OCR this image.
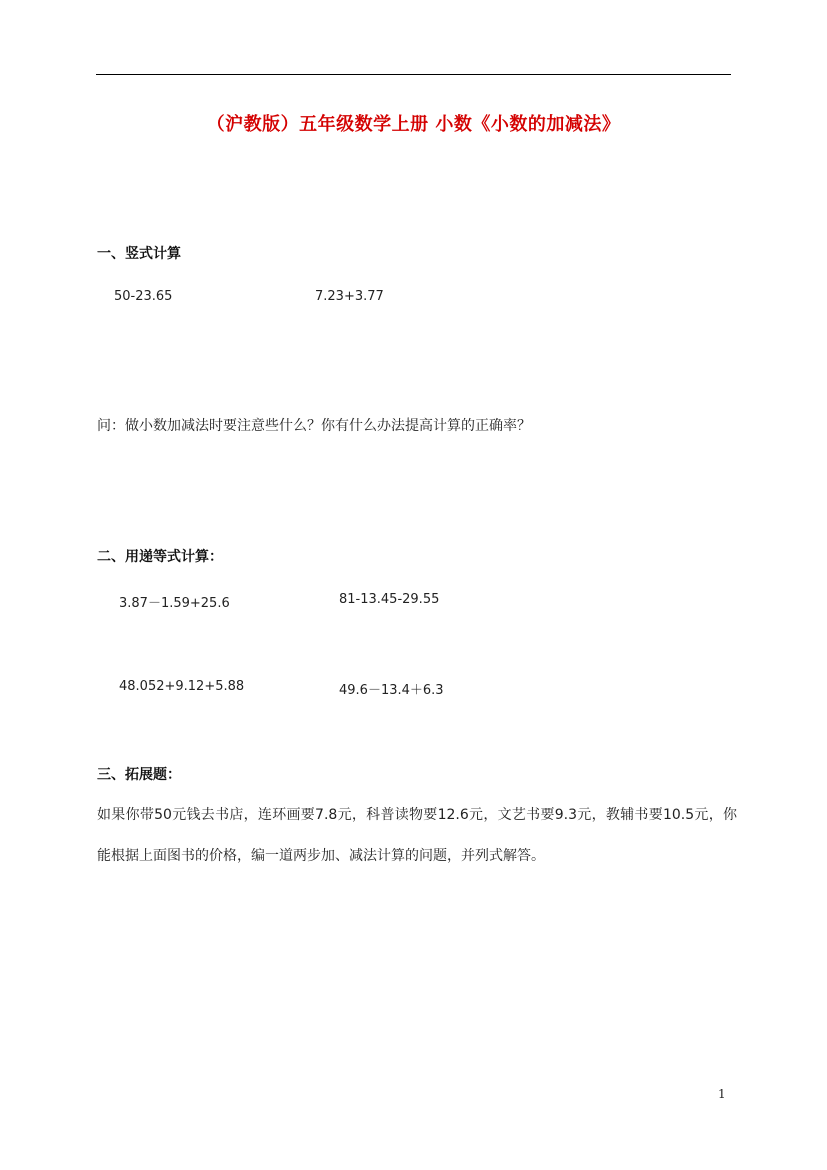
（沪教版）五年级数学上册 小数《小数的加减法》
一、竖式计算
50-23.65	7.23+3.77
问：做小数加减法时要注意些什么？你有什么办法提高计算的正确率？
二、用递等式计算：
3.87－1.59+25.6	81-13.45-29.55
48.052+9.12+5.88	49.6－13.4＋6.3
三、拓展题：
如果你带50元钱去书店，连环画要7.8元，科普读物要12.6元，文艺书要9.3元，教辅书要10.5元，你能根据上面图书的价格，编一道两步加、减法计算的问题，并列式解答。
1
